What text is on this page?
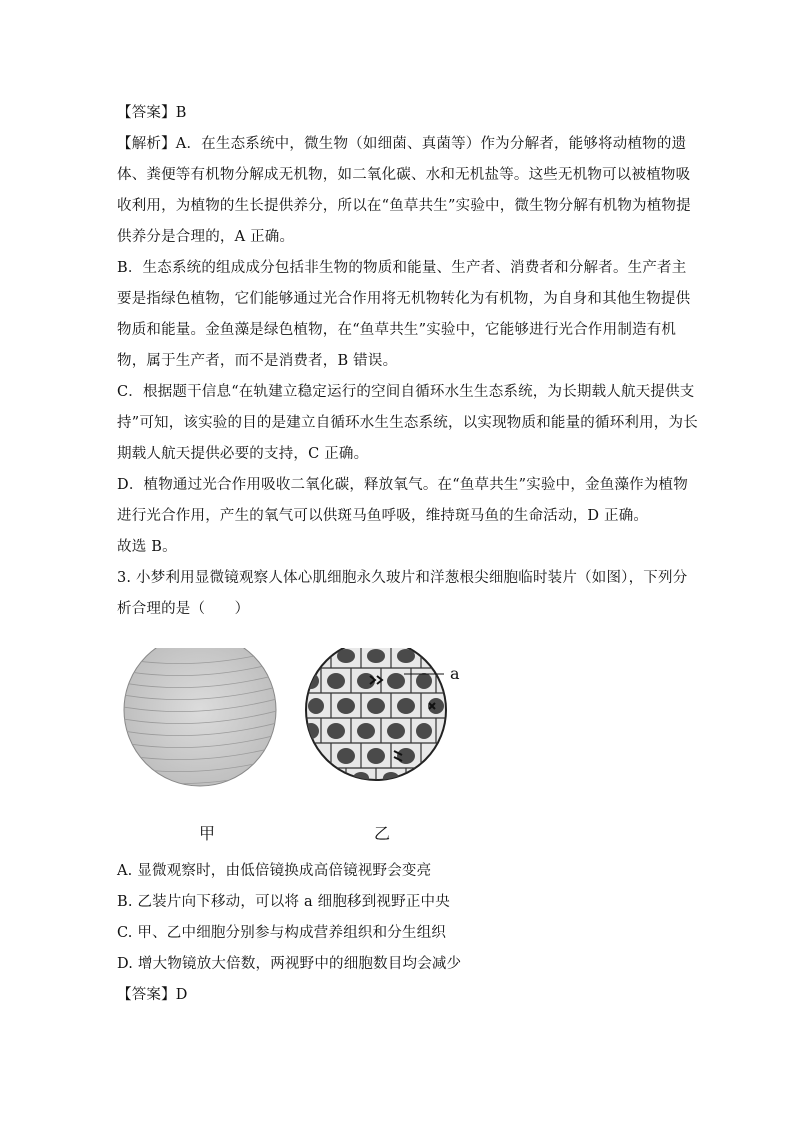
【答案】B
【解析】A．在生态系统中，微生物（如细菌、真菌等）作为分解者，能够将动植物的遗
体、粪便等有机物分解成无机物，如二氧化碳、水和无机盐等。这些无机物可以被植物吸
收利用，为植物的生长提供养分，所以在“鱼草共生”实验中，微生物分解有机物为植物提
供养分是合理的，A 正确。
B．生态系统的组成成分包括非生物的物质和能量、生产者、消费者和分解者。生产者主
要是指绿色植物，它们能够通过光合作用将无机物转化为有机物，为自身和其他生物提供
物质和能量。金鱼藻是绿色植物，在“鱼草共生”实验中，它能够进行光合作用制造有机
物，属于生产者，而不是消费者，B 错误。
C．根据题干信息“在轨建立稳定运行的空间自循环水生生态系统，为长期载人航天提供支
持”可知，该实验的目的是建立自循环水生生态系统，以实现物质和能量的循环利用，为长
期载人航天提供必要的支持，C 正确。
D．植物通过光合作用吸收二氧化碳，释放氧气。在“鱼草共生”实验中，金鱼藻作为植物
进行光合作用，产生的氧气可以供斑马鱼呼吸，维持斑马鱼的生命活动，D 正确。
故选 B。
3. 小梦利用显微镜观察人体心肌细胞永久玻片和洋葱根尖细胞临时装片（如图），下列分
析合理的是（　　）
甲	乙
a
A. 显微观察时，由低倍镜换成高倍镜视野会变亮
B. 乙装片向下移动，可以将 a 细胞移到视野正中央
C. 甲、乙中细胞分别参与构成营养组织和分生组织
D. 增大物镜放大倍数，两视野中的细胞数目均会减少
【答案】D
